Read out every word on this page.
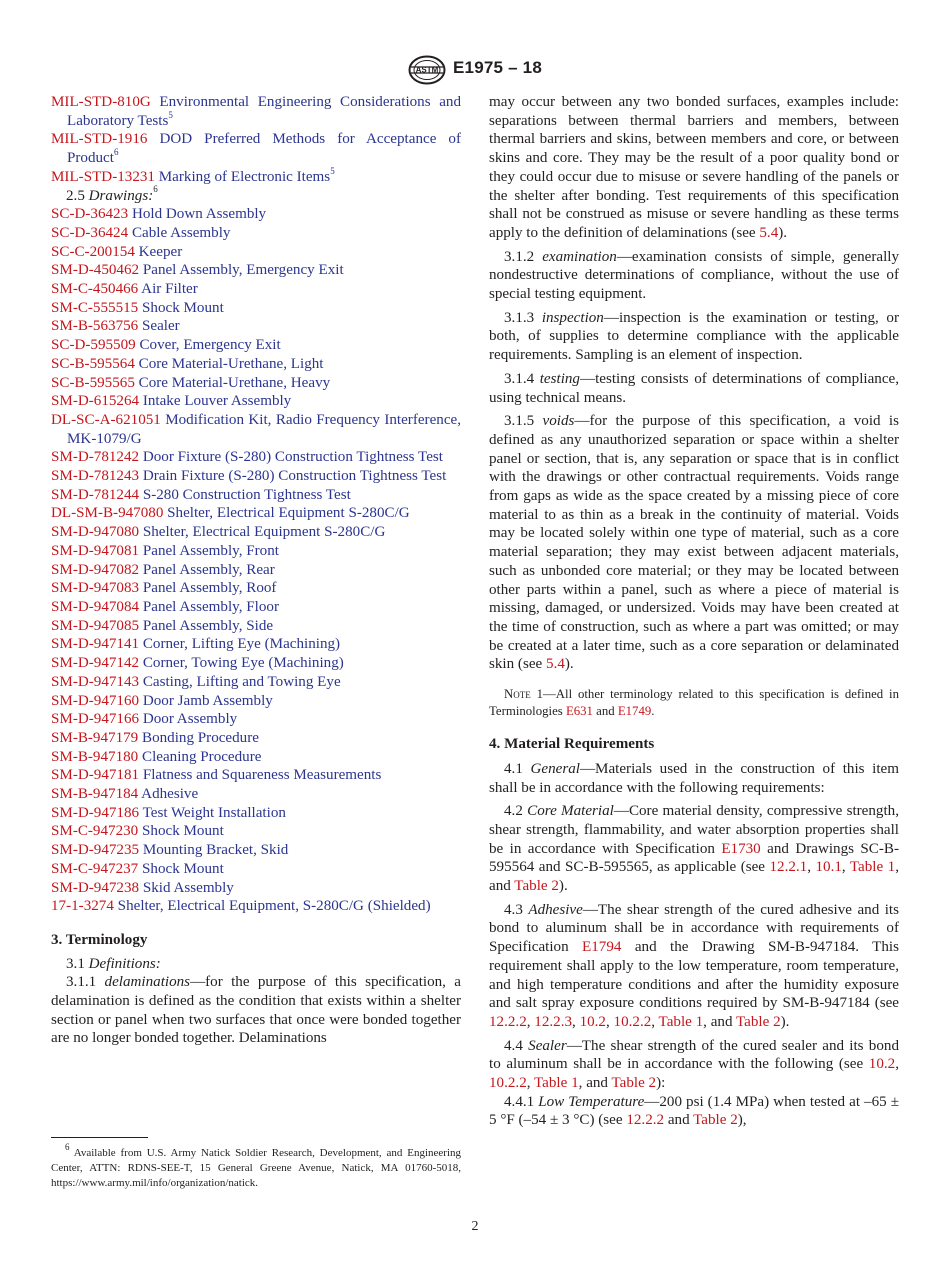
ASTM E1975 – 18

MIL-STD-810G Environmental Engineering Considerations and Laboratory Tests$^5$

MIL-STD-1916 DOD Preferred Methods for Acceptance of Product$^6$

MIL-STD-13231 Marking of Electronic Items$^5$

2.5 Drawings:$^6$

SC-D-36423 Hold Down Assembly

SC-D-36424 Cable Assembly

SC-C-200154 Keeper

SM-D-450462 Panel Assembly, Emergency Exit

SM-C-450466 Air Filter

SM-C-555515 Shock Mount

SM-B-563756 Sealer

SC-D-595509 Cover, Emergency Exit

SC-B-595564 Core Material-Urethane, Light

SC-B-595565 Core Material-Urethane, Heavy

SM-D-615264 Intake Louver Assembly

DL-SC-A-621051 Modification Kit, Radio Frequency Interference, MK-1079/G

SM-D-781242 Door Fixture (S-280) Construction Tightness Test

SM-D-781243 Drain Fixture (S-280) Construction Tightness Test

SM-D-781244 S-280 Construction Tightness Test

DL-SM-B-947080 Shelter, Electrical Equipment S-280C/G

SM-D-947080 Shelter, Electrical Equipment S-280C/G

SM-D-947081 Panel Assembly, Front

SM-D-947082 Panel Assembly, Rear

SM-D-947083 Panel Assembly, Roof

SM-D-947084 Panel Assembly, Floor

SM-D-947085 Panel Assembly, Side

SM-D-947141 Corner, Lifting Eye (Machining)

SM-D-947142 Corner, Towing Eye (Machining)

SM-D-947143 Casting, Lifting and Towing Eye

SM-D-947160 Door Jamb Assembly

SM-D-947166 Door Assembly

SM-B-947179 Bonding Procedure

SM-B-947180 Cleaning Procedure

SM-D-947181 Flatness and Squareness Measurements

SM-B-947184 Adhesive

SM-D-947186 Test Weight Installation

SM-C-947230 Shock Mount

SM-D-947235 Mounting Bracket, Skid

SM-C-947237 Shock Mount

SM-D-947238 Skid Assembly

17-1-3274 Shelter, Electrical Equipment, S-280C/G (Shielded)

3. Terminology

3.1 Definitions:

3.1.1 delaminations—for the purpose of this specification, a delamination is defined as the condition that exists within a shelter section or panel when two surfaces that once were bonded together are no longer bonded together. Delaminations

may occur between any two bonded surfaces, examples include: separations between thermal barriers and members, between thermal barriers and skins, between members and core, or between skins and core. They may be the result of a poor quality bond or they could occur due to misuse or severe handling of the panels or the shelter after bonding. Test requirements of this specification shall not be construed as misuse or severe handling as these terms apply to the definition of delaminations (see 5.4).

3.1.2 examination—examination consists of simple, generally nondestructive determinations of compliance, without the use of special testing equipment.

3.1.3 inspection—inspection is the examination or testing, or both, of supplies to determine compliance with the applicable requirements. Sampling is an element of inspection.

3.1.4 testing—testing consists of determinations of compliance, using technical means.

3.1.5 voids—for the purpose of this specification, a void is defined as any unauthorized separation or space within a shelter panel or section, that is, any separation or space that is in conflict with the drawings or other contractual requirements. Voids range from gaps as wide as the space created by a missing piece of core material to as thin as a break in the continuity of material. Voids may be located solely within one type of material, such as a core material separation; they may exist between adjacent materials, such as unbonded core material; or they may be located between other parts within a panel, such as where a piece of material is missing, damaged, or undersized. Voids may have been created at the time of construction, such as where a part was omitted; or may be created at a later time, such as a core separation or delaminated skin (see 5.4).

Note 1—All other terminology related to this specification is defined in Terminologies E631 and E1749.

4. Material Requirements

4.1 General—Materials used in the construction of this item shall be in accordance with the following requirements:

4.2 Core Material—Core material density, compressive strength, shear strength, flammability, and water absorption properties shall be in accordance with Specification E1730 and Drawings SC-B-595564 and SC-B-595565, as applicable (see 12.2.1, 10.1, Table 1, and Table 2).

4.3 Adhesive—The shear strength of the cured adhesive and its bond to aluminum shall be in accordance with requirements of Specification E1794 and the Drawing SM-B-947184. This requirement shall apply to the low temperature, room temperature, and high temperature conditions and after the humidity exposure and salt spray exposure conditions required by SM-B-947184 (see 12.2.2, 12.2.3, 10.2, 10.2.2, Table 1, and Table 2).

4.4 Sealer—The shear strength of the cured sealer and its bond to aluminum shall be in accordance with the following (see 10.2, 10.2.2, Table 1, and Table 2):

4.4.1 Low Temperature—200 psi (1.4 MPa) when tested at –65 ± 5 °F (–54 ± 3 °C) (see 12.2.2 and Table 2),

$^6$ Available from U.S. Army Natick Soldier Research, Development, and Engineering Center, ATTN: RDNS-SEE-T, 15 General Greene Avenue, Natick, MA 01760-5018, https://www.army.mil/info/organization/natick.
2
